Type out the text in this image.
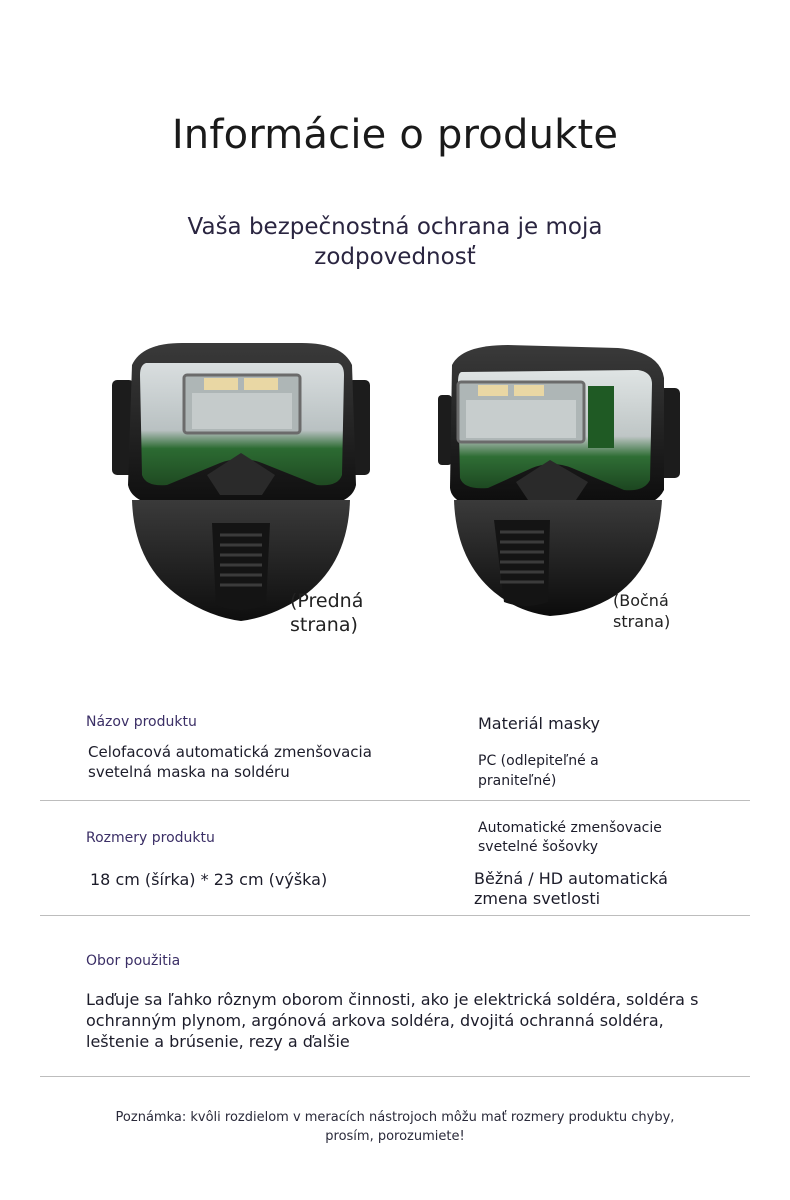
Informácie o produkte
Vaša bezpečnostná ochrana je moja zodpovednosť
(Predná strana)
(Bočná strana)
Názov produktu
Celofacová automatická zmenšovacia svetelná maska na soldéru
Materiál masky
PC (odlepiteľné a praniteľné)
Rozmery produktu
18 cm (šírka) * 23 cm (výška)
Automatické zmenšovacie svetelné šošovky
Běžná / HD automatická zmena svetlosti
Obor použitia
Laďuje sa ľahko rôznym oborom činnosti, ako je elektrická soldéra, soldéra s ochranným plynom, argónová arkova soldéra, dvojitá ochranná soldéra, leštenie a brúsenie, rezy a ďalšie
Poznámka: kvôli rozdielom v meracích nástrojoch môžu mať rozmery produktu chyby, prosím, porozumiete!
